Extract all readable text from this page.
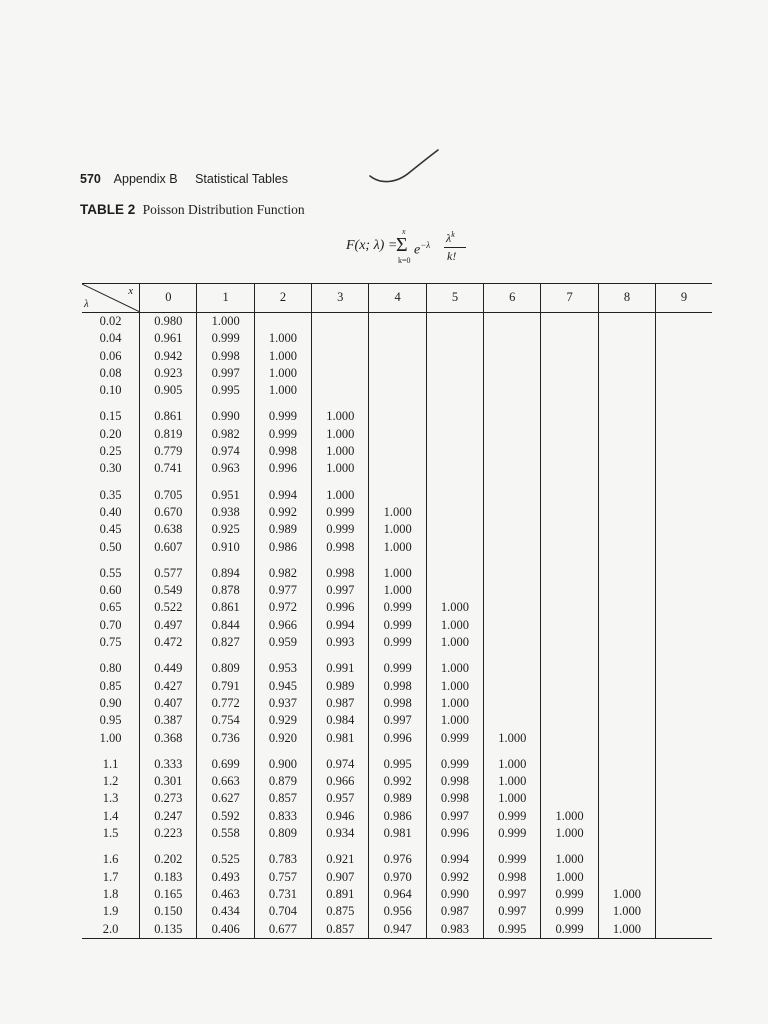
570 Appendix B Statistical Tables
TABLE 2 Poisson Distribution Function
F(x; λ) =
Σ
x
k=0
$e^{-\lambda}$ $\lambda^k$
k!
x
λ	0	1	2	3	4	5	6	7	8	9
0.02	0.980	1.000								
0.04	0.961	0.999	1.000							
0.06	0.942	0.998	1.000							
0.08	0.923	0.997	1.000							
0.10	0.905	0.995	1.000							

0.15	0.861	0.990	0.999	1.000						
0.20	0.819	0.982	0.999	1.000						
0.25	0.779	0.974	0.998	1.000						
0.30	0.741	0.963	0.996	1.000						

0.35	0.705	0.951	0.994	1.000						
0.40	0.670	0.938	0.992	0.999	1.000					
0.45	0.638	0.925	0.989	0.999	1.000					
0.50	0.607	0.910	0.986	0.998	1.000					

0.55	0.577	0.894	0.982	0.998	1.000					
0.60	0.549	0.878	0.977	0.997	1.000					
0.65	0.522	0.861	0.972	0.996	0.999	1.000				
0.70	0.497	0.844	0.966	0.994	0.999	1.000				
0.75	0.472	0.827	0.959	0.993	0.999	1.000				

0.80	0.449	0.809	0.953	0.991	0.999	1.000				
0.85	0.427	0.791	0.945	0.989	0.998	1.000				
0.90	0.407	0.772	0.937	0.987	0.998	1.000				
0.95	0.387	0.754	0.929	0.984	0.997	1.000				
1.00	0.368	0.736	0.920	0.981	0.996	0.999	1.000			

1.1	0.333	0.699	0.900	0.974	0.995	0.999	1.000			
1.2	0.301	0.663	0.879	0.966	0.992	0.998	1.000			
1.3	0.273	0.627	0.857	0.957	0.989	0.998	1.000			
1.4	0.247	0.592	0.833	0.946	0.986	0.997	0.999	1.000		
1.5	0.223	0.558	0.809	0.934	0.981	0.996	0.999	1.000		

1.6	0.202	0.525	0.783	0.921	0.976	0.994	0.999	1.000		
1.7	0.183	0.493	0.757	0.907	0.970	0.992	0.998	1.000		
1.8	0.165	0.463	0.731	0.891	0.964	0.990	0.997	0.999	1.000	
1.9	0.150	0.434	0.704	0.875	0.956	0.987	0.997	0.999	1.000	
2.0	0.135	0.406	0.677	0.857	0.947	0.983	0.995	0.999	1.000	
